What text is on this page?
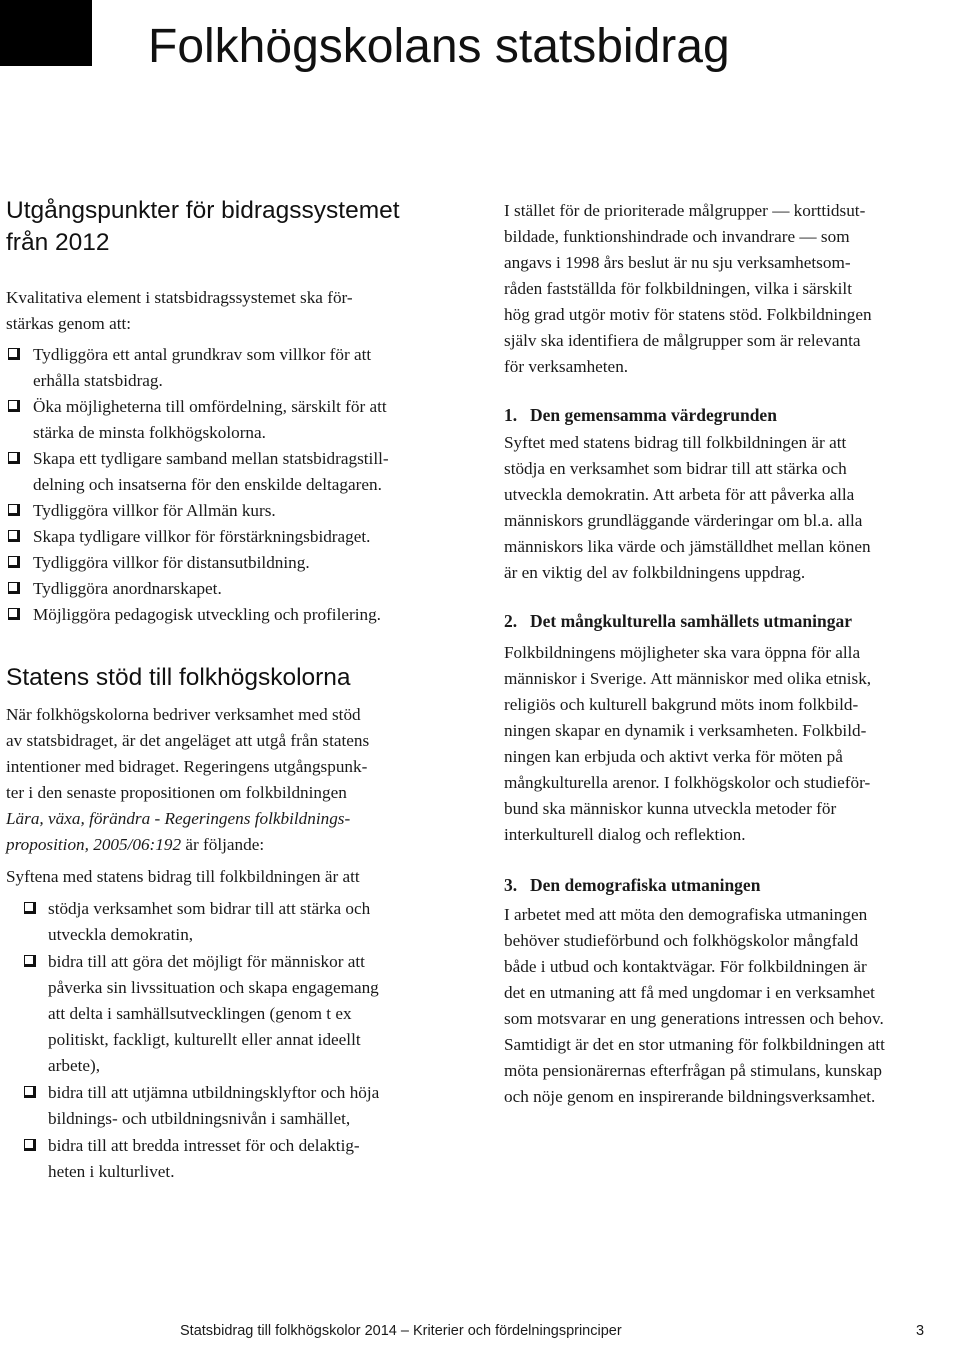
Folkhögskolans statsbidrag
Utgångspunkter för bidragssystemet
från 2012

Kvalitativa element i statsbidragssystemet ska för-
stärkas genom att:

Tydliggöra ett antal grundkrav som villkor för att
erhålla statsbidrag.
Öka möjligheterna till omfördelning, särskilt för att
stärka de minsta folkhögskolorna.
Skapa ett tydligare samband mellan statsbidragstill-
delning och insatserna för den enskilde deltagaren.
Tydliggöra villkor för Allmän kurs.
Skapa tydligare villkor för förstärkningsbidraget.
Tydliggöra villkor för distansutbildning.
Tydliggöra anordnarskapet.
Möjliggöra pedagogisk utveckling och profilering.
Statens stöd till folkhögskolorna

När folkhögskolorna bedriver verksamhet med stöd
av statsbidraget, är det angeläget att utgå från statens
intentioner med bidraget. Regeringens utgångspunk-
ter i den senaste propositionen om folkbildningen
Lära, växa, förändra - Regeringens folkbildnings-
proposition, 2005/06:192 är följande:

Syftena med statens bidrag till folkbildningen är att

stödja verksamhet som bidrar till att stärka och
utveckla demokratin,
bidra till att göra det möjligt för människor att
påverka sin livssituation och skapa engagemang
att delta i samhällsutvecklingen (genom t ex
politiskt, fackligt, kulturellt eller annat ideellt
arbete),
bidra till att utjämna utbildningsklyftor och höja
bildnings- och utbildningsnivån i samhället,
bidra till att bredda intresset för och delaktig-
heten i kulturlivet.

I stället för de prioriterade målgrupper — korttidsut-
bildade, funktionshindrade och invandrare — som
angavs i 1998 års beslut är nu sju verksamhetsom-
råden fastställda för folkbildningen, vilka i särskilt
hög grad utgör motiv för statens stöd. Folkbildningen
själv ska identifiera de målgrupper som är relevanta
för verksamheten.

1. Den gemensamma värdegrunden

Syftet med statens bidrag till folkbildningen är att
stödja en verksamhet som bidrar till att stärka och
utveckla demokratin. Att arbeta för att påverka alla
människors grundläggande värderingar om bl.a. alla
människors lika värde och jämställdhet mellan könen
är en viktig del av folkbildningens uppdrag.

2. Det mångkulturella samhällets utmaningar

Folkbildningens möjligheter ska vara öppna för alla
människor i Sverige. Att människor med olika etnisk,
religiös och kulturell bakgrund möts inom folkbild-
ningen skapar en dynamik i verksamheten. Folkbild-
ningen kan erbjuda och aktivt verka för möten på
mångkulturella arenor. I folkhögskolor och studieför-
bund ska människor kunna utveckla metoder för
interkulturell dialog och reflektion.

3. Den demografiska utmaningen

I arbetet med att möta den demografiska utmaningen
behöver studieförbund och folkhögskolor mångfald
både i utbud och kontaktvägar. För folkbildningen är
det en utmaning att få med ungdomar i en verksamhet
som motsvarar en ung generations intressen och behov.
Samtidigt är det en stor utmaning för folkbildningen att
möta pensionärernas efterfrågan på stimulans, kunskap
och nöje genom en inspirerande bildningsverksamhet.

Statsbidrag till folkhögskolor 2014 – Kriterier och fördelningsprinciper	3
